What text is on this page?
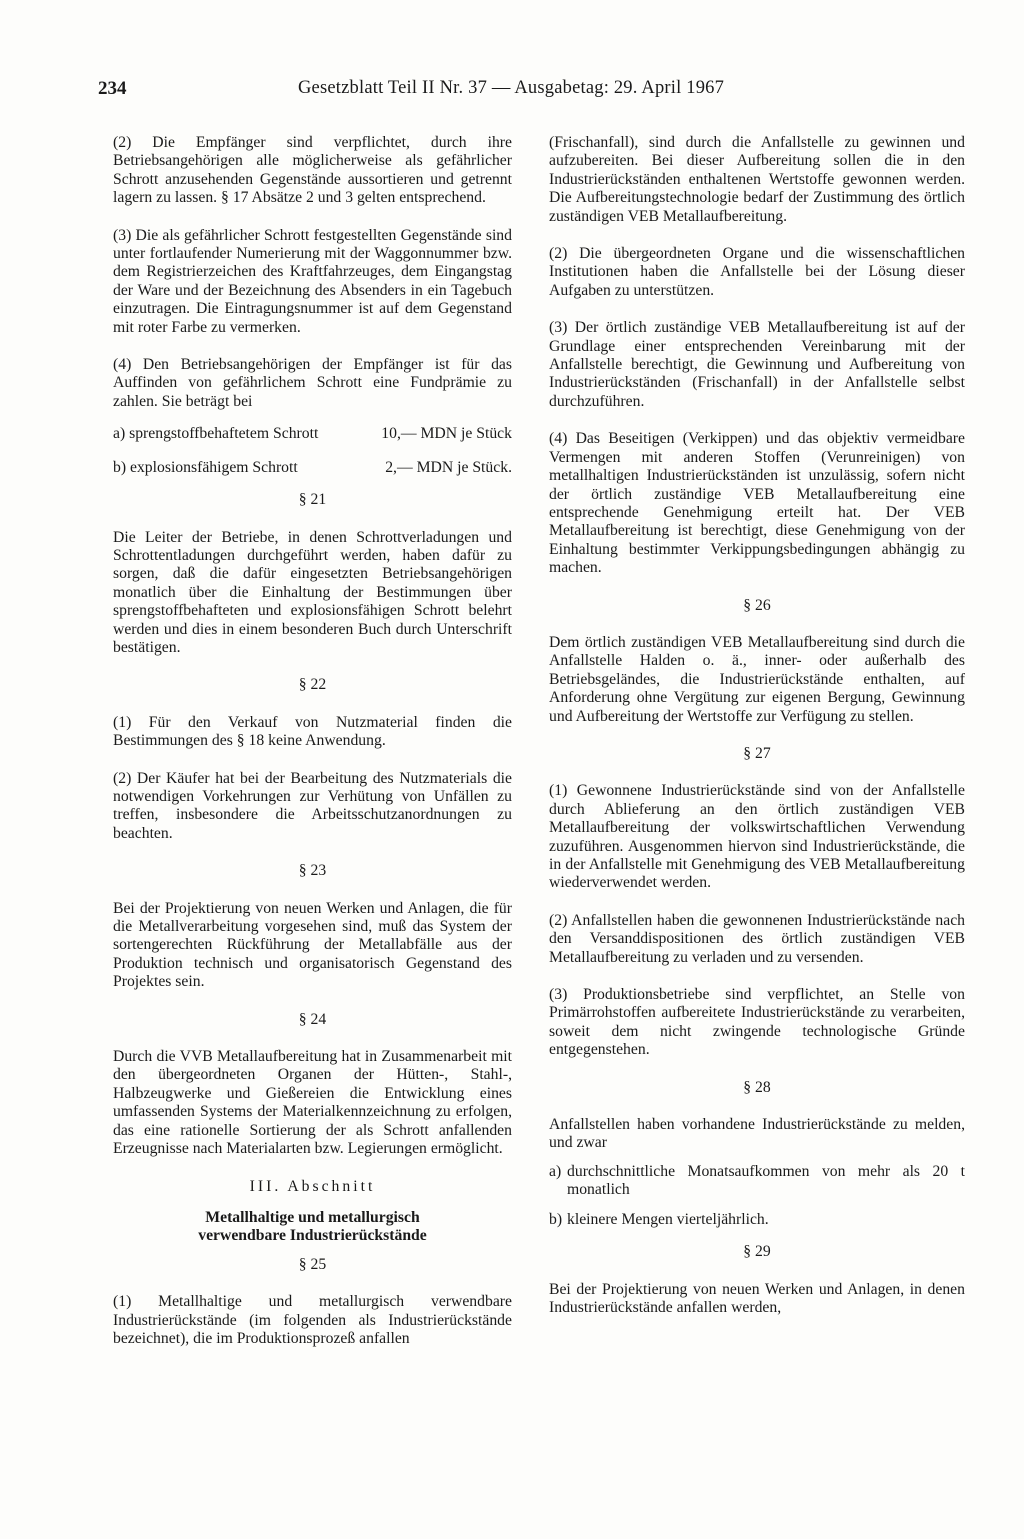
234	Gesetzblatt Teil II Nr. 37 — Ausgabetag: 29. April 1967

(2) Die Empfänger sind verpflichtet, durch ihre Betriebsangehörigen alle möglicherweise als gefährlicher Schrott anzusehenden Gegenstände aussortieren und getrennt lagern zu lassen. § 17 Absätze 2 und 3 gelten entsprechend.

(3) Die als gefährlicher Schrott festgestellten Gegenstände sind unter fortlaufender Numerierung mit der Waggonnummer bzw. dem Registrierzeichen des Kraftfahrzeuges, dem Eingangstag der Ware und der Bezeichnung des Absenders in ein Tagebuch einzutragen. Die Eintragungsnummer ist auf dem Gegenstand mit roter Farbe zu vermerken.

(4) Den Betriebsangehörigen der Empfänger ist für das Auffinden von gefährlichem Schrott eine Fundprämie zu zahlen. Sie beträgt bei

a) sprengstoffbehaftetem Schrott	10,— MDN je Stück
b) explosionsfähigem Schrott	2,— MDN je Stück.
§ 21

Die Leiter der Betriebe, in denen Schrottverladungen und Schrottentladungen durchgeführt werden, haben dafür zu sorgen, daß die dafür eingesetzten Betriebsangehörigen monatlich über die Einhaltung der Bestimmungen über sprengstoffbehafteten und explosionsfähigen Schrott belehrt werden und dies in einem besonderen Buch durch Unterschrift bestätigen.

§ 22

(1) Für den Verkauf von Nutzmaterial finden die Bestimmungen des § 18 keine Anwendung.

(2) Der Käufer hat bei der Bearbeitung des Nutzmaterials die notwendigen Vorkehrungen zur Verhütung von Unfällen zu treffen, insbesondere die Arbeitsschutzanordnungen zu beachten.

§ 23

Bei der Projektierung von neuen Werken und Anlagen, die für die Metallverarbeitung vorgesehen sind, muß das System der sortengerechten Rückführung der Metallabfälle aus der Produktion technisch und organisatorisch Gegenstand des Projektes sein.

§ 24

Durch die VVB Metallaufbereitung hat in Zusammenarbeit mit den übergeordneten Organen der Hütten-, Stahl-, Halbzeugwerke und Gießereien die Entwicklung eines umfassenden Systems der Materialkennzeichnung zu erfolgen, das eine rationelle Sortierung der als Schrott anfallenden Erzeugnisse nach Materialarten bzw. Legierungen ermöglicht.

III. Abschnitt
Metallhaltige und metallurgisch
verwendbare Industrierückstände
§ 25

(1) Metallhaltige und metallurgisch verwendbare Industrierückstände (im folgenden als Industrierückstände bezeichnet), die im Produktionsprozeß anfallen

(Frischanfall), sind durch die Anfallstelle zu gewinnen und aufzubereiten. Bei dieser Aufbereitung sollen die in den Industrierückständen enthaltenen Wertstoffe gewonnen werden. Die Aufbereitungstechnologie bedarf der Zustimmung des örtlich zuständigen VEB Metallaufbereitung.

(2) Die übergeordneten Organe und die wissenschaftlichen Institutionen haben die Anfallstelle bei der Lösung dieser Aufgaben zu unterstützen.

(3) Der örtlich zuständige VEB Metallaufbereitung ist auf der Grundlage einer entsprechenden Vereinbarung mit der Anfallstelle berechtigt, die Gewinnung und Aufbereitung von Industrierückständen (Frischanfall) in der Anfallstelle selbst durchzuführen.

(4) Das Beseitigen (Verkippen) und das objektiv vermeidbare Vermengen mit anderen Stoffen (Verunreinigen) von metallhaltigen Industrierückständen ist unzulässig, sofern nicht der örtlich zuständige VEB Metallaufbereitung eine entsprechende Genehmigung erteilt hat. Der VEB Metallaufbereitung ist berechtigt, diese Genehmigung von der Einhaltung bestimmter Verkippungsbedingungen abhängig zu machen.

§ 26

Dem örtlich zuständigen VEB Metallaufbereitung sind durch die Anfallstelle Halden o. ä., inner- oder außerhalb des Betriebsgeländes, die Industrierückstände enthalten, auf Anforderung ohne Vergütung zur eigenen Bergung, Gewinnung und Aufbereitung der Wertstoffe zur Verfügung zu stellen.

§ 27

(1) Gewonnene Industrierückstände sind von der Anfallstelle durch Ablieferung an den örtlich zuständigen VEB Metallaufbereitung der volkswirtschaftlichen Verwendung zuzuführen. Ausgenommen hiervon sind Industrierückstände, die in der Anfallstelle mit Genehmigung des VEB Metallaufbereitung wiederverwendet werden.

(2) Anfallstellen haben die gewonnenen Industrierückstände nach den Versanddispositionen des örtlich zuständigen VEB Metallaufbereitung zu verladen und zu versenden.

(3) Produktionsbetriebe sind verpflichtet, an Stelle von Primärrohstoffen aufbereitete Industrierückstände zu verarbeiten, soweit dem nicht zwingende technologische Gründe entgegenstehen.

§ 28

Anfallstellen haben vorhandene Industrierückstände zu melden, und zwar

a) durchschnittliche Monatsaufkommen von mehr als 20 t monatlich
b) kleinere Mengen vierteljährlich.
§ 29

Bei der Projektierung von neuen Werken und Anlagen, in denen Industrierückstände anfallen werden,
